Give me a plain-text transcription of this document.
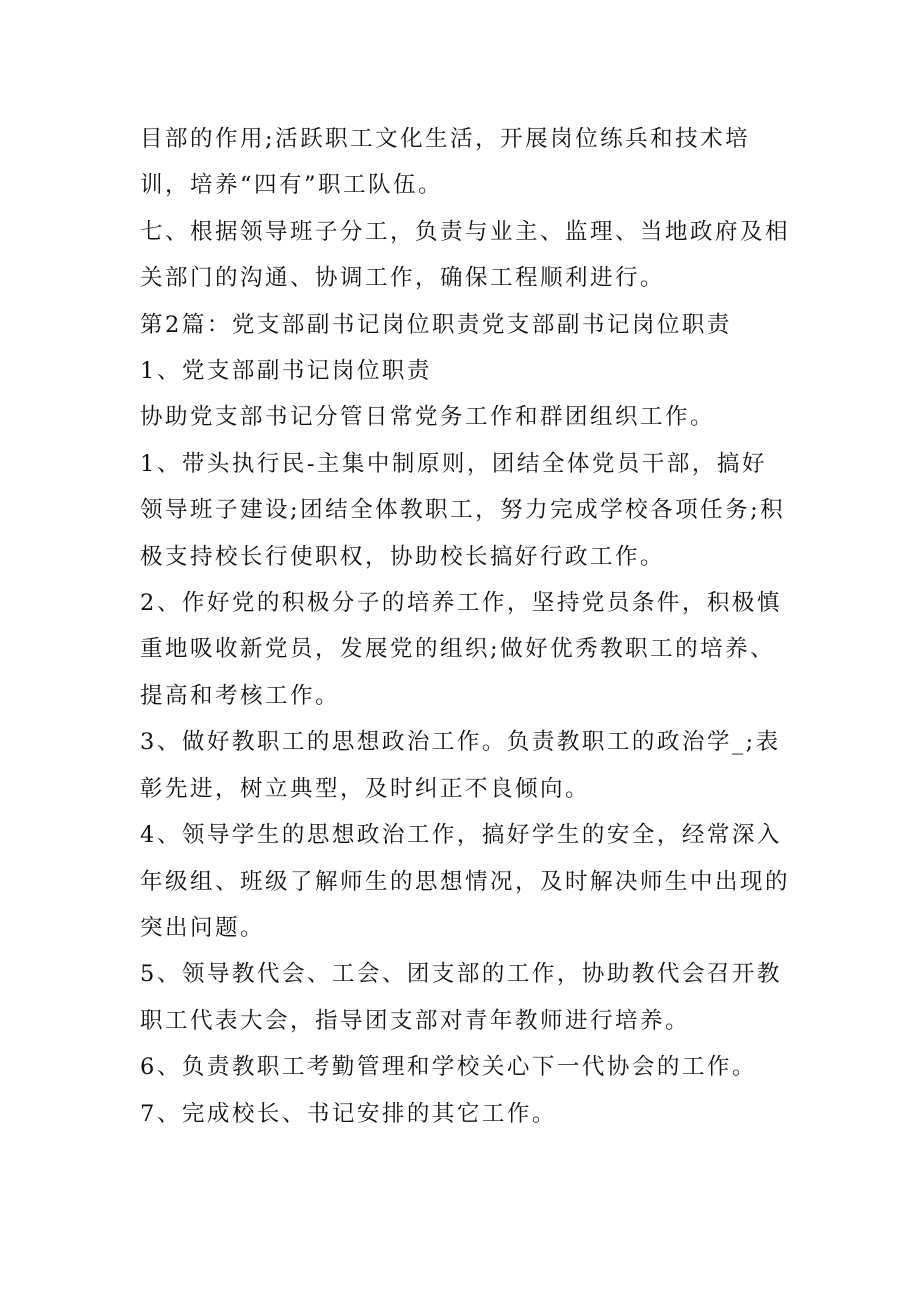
目部的作用;活跃职工文化生活，开展岗位练兵和技术培训，培养“四有”职工队伍。

七、根据领导班子分工，负责与业主、监理、当地政府及相关部门的沟通、协调工作，确保工程顺利进行。

第2篇：党支部副书记岗位职责党支部副书记岗位职责

1、党支部副书记岗位职责

协助党支部书记分管日常党务工作和群团组织工作。

1、带头执行民-主集中制原则，团结全体党员干部，搞好领导班子建设;团结全体教职工，努力完成学校各项任务;积极支持校长行使职权，协助校长搞好行政工作。

2、作好党的积极分子的培养工作，坚持党员条件，积极慎重地吸收新党员，发展党的组织;做好优秀教职工的培养、提高和考核工作。

3、做好教职工的思想政治工作。负责教职工的政治学_;表彰先进，树立典型，及时纠正不良倾向。

4、领导学生的思想政治工作，搞好学生的安全，经常深入年级组、班级了解师生的思想情况，及时解决师生中出现的突出问题。

5、领导教代会、工会、团支部的工作，协助教代会召开教职工代表大会，指导团支部对青年教师进行培养。

6、负责教职工考勤管理和学校关心下一代协会的工作。

7、完成校长、书记安排的其它工作。
